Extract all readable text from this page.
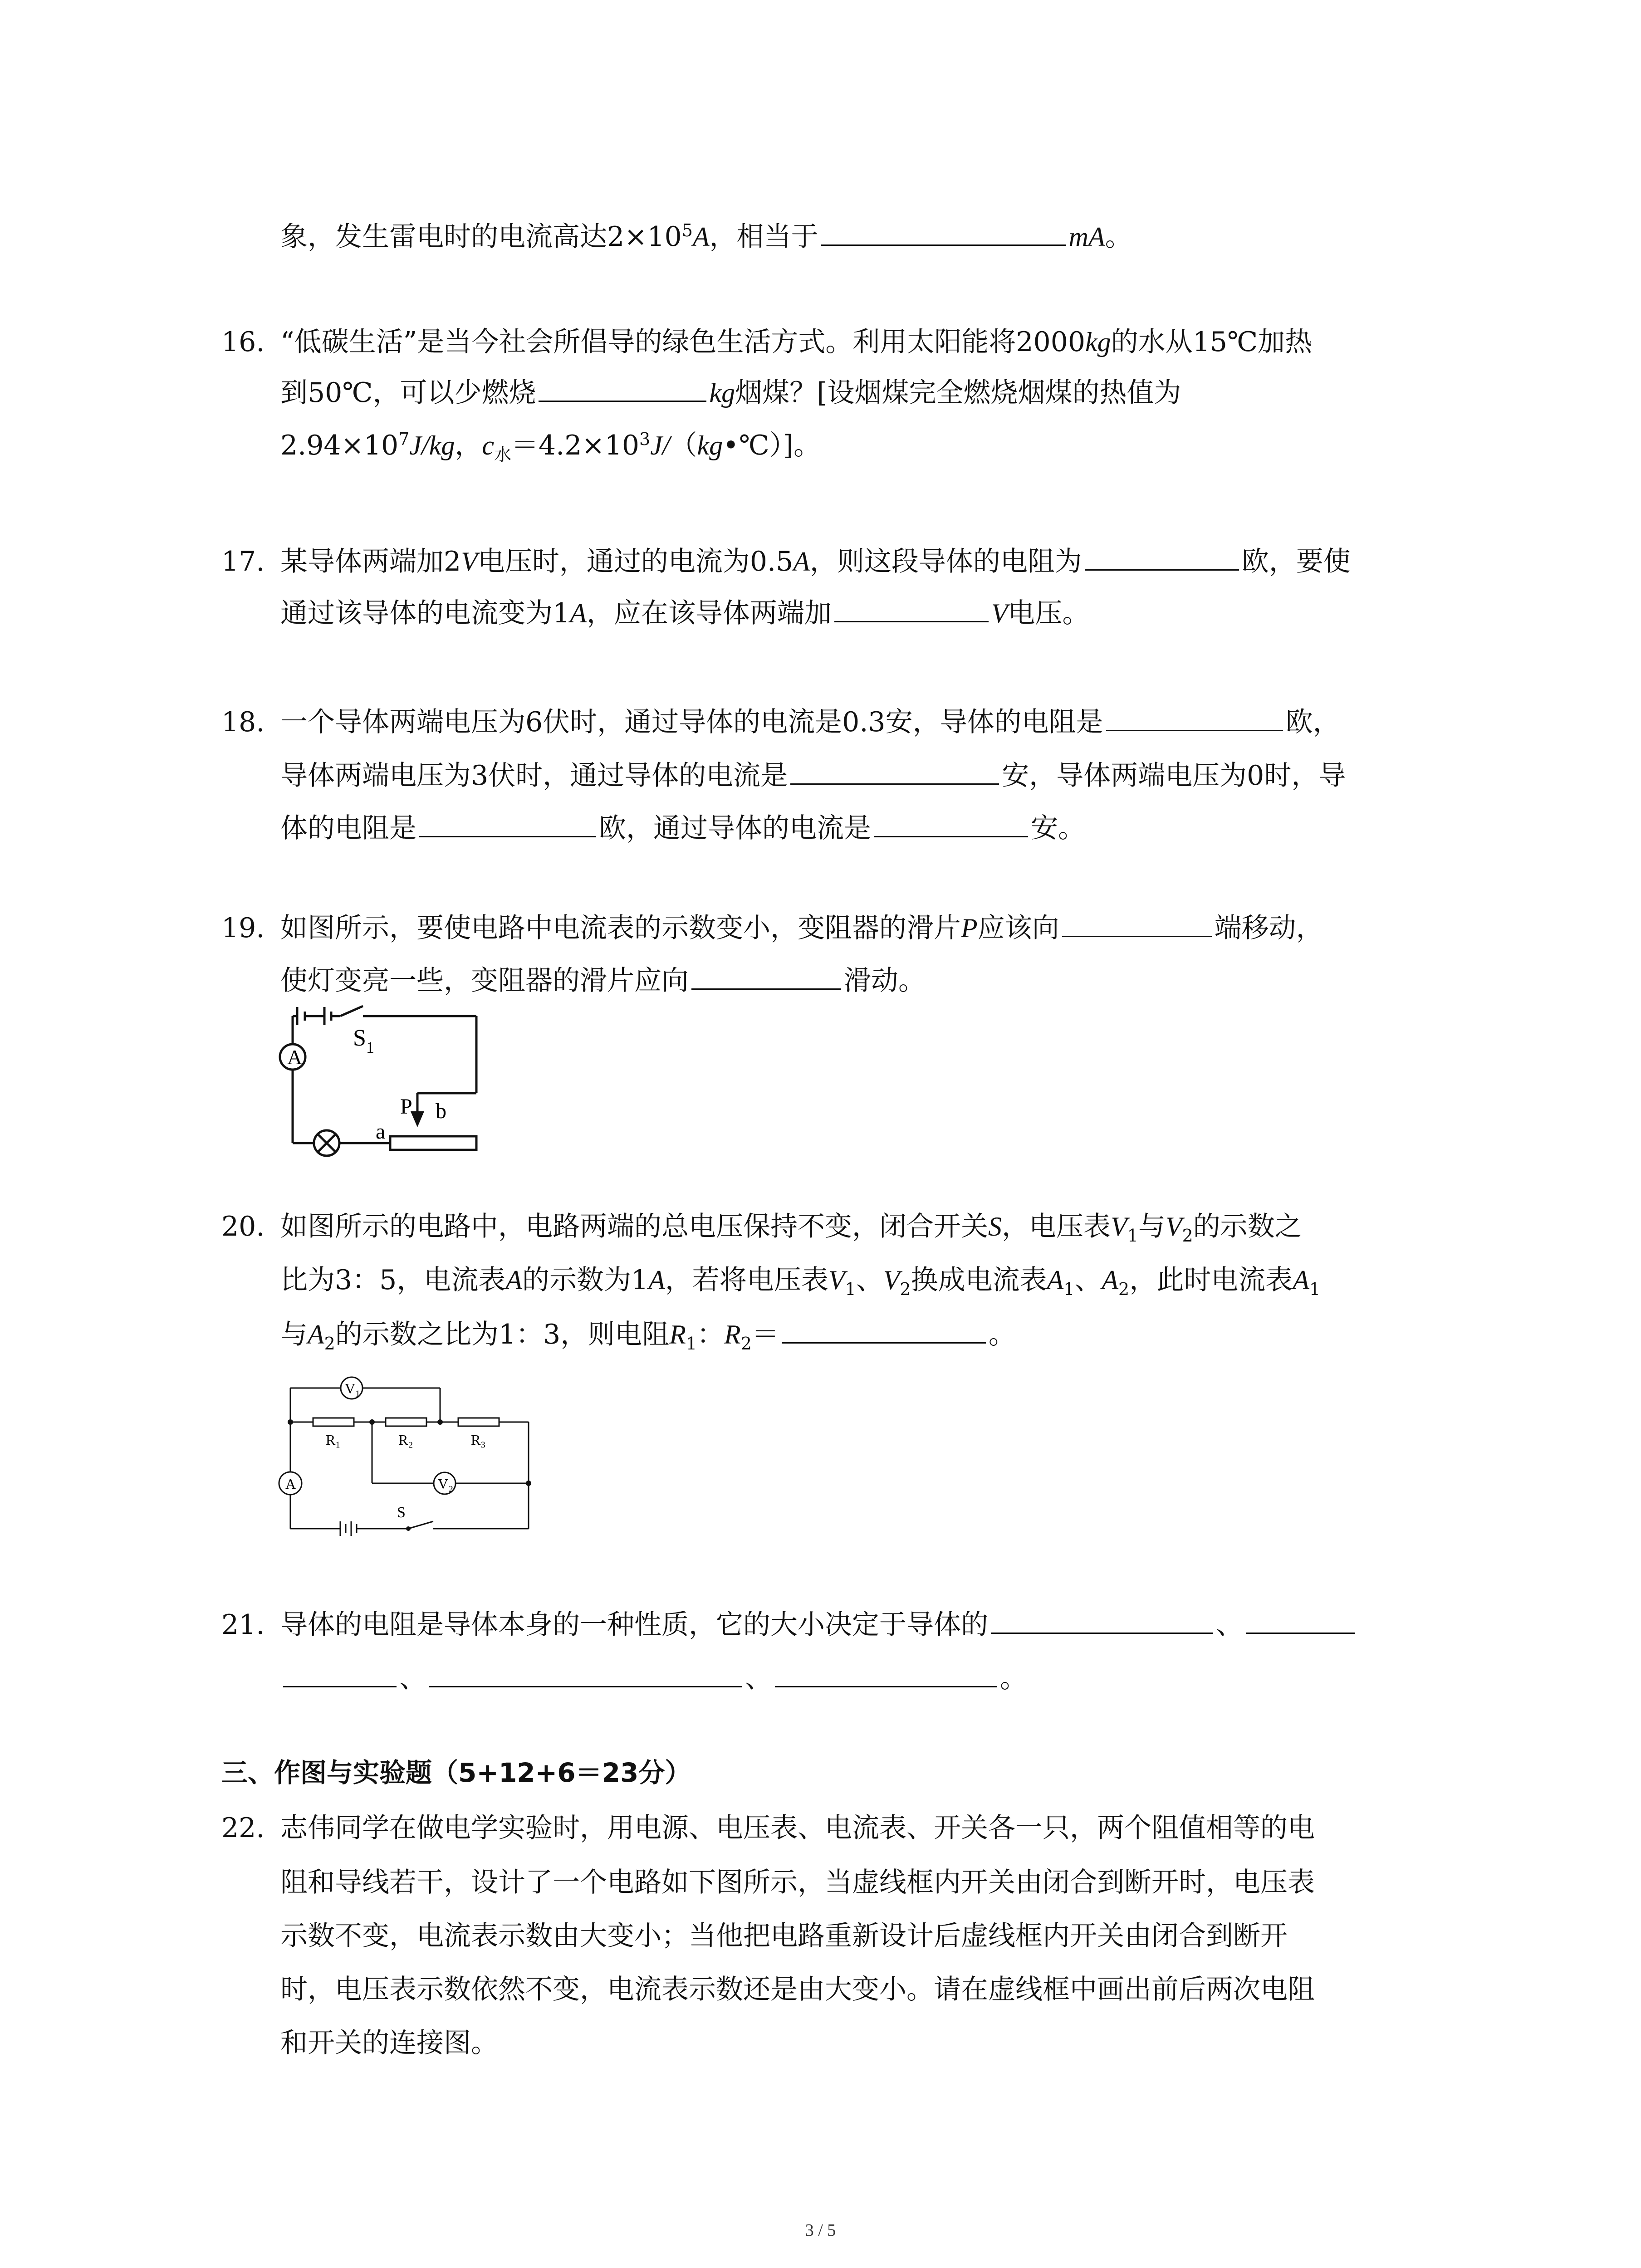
象，发生雷电时的电流高达$2\times 10^5A$，相当于	mA。
16. “低碳生活”是当今社会所倡导的绿色生活方式。利用太阳能将2000kg的水从15℃加热
到50℃，可以少燃烧	kg烟煤？[设烟煤完全燃烧烟煤的热值为
$2.94\times 10^7J/kg$，$c_水=4.2\times 10^3J/(kg•℃)$]。
17. 某导体两端加2V电压时，通过的电流为0.5A，则这段导体的电阻为	欧，要使
通过该导体的电流变为1A，应在该导体两端加	V电压。
18. 一个导体两端电压为6伏时，通过导体的电流是0.3安，导体的电阻是	欧，
导体两端电压为3伏时，通过导体的电流是	安，导体两端电压为0时，导
体的电阻是	欧，通过导体的电流是	安。
19. 如图所示，要使电路中电流表的示数变小，变阻器的滑片P应该向	端移动，
使灯变亮一些，变阻器的滑片应向	滑动。
A
$S_1$
P b
a
20. 如图所示的电路中，电路两端的总电压保持不变，闭合开关S，电压表$V_1$与$V_2$的示数之
比为3：5，电流表A的示数为1A，若将电压表$V_1$、$V_2$换成电流表$A_1$、$A_2$，此时电流表$A_1$
与$A_2$的示数之比为1：3，则电阻$R_1$：$R_2=$	。
V₁
V₂
R₁	R₂	R₃
A
S
21. 导体的电阻是导体本身的一种性质，它的大小决定于导体的	、
、	、	。
三、作图与实验题（5+12+6＝23分）
22. 志伟同学在做电学实验时，用电源、电压表、电流表、开关各一只，两个阻值相等的电
阻和导线若干，设计了一个电路如下图所示，当虚线框内开关由闭合到断开时，电压表
示数不变，电流表示数由大变小；当他把电路重新设计后虚线框内开关由闭合到断开
时，电压表示数依然不变，电流表示数还是由大变小。请在虚线框中画出前后两次电阻
和开关的连接图。
3 / 5
